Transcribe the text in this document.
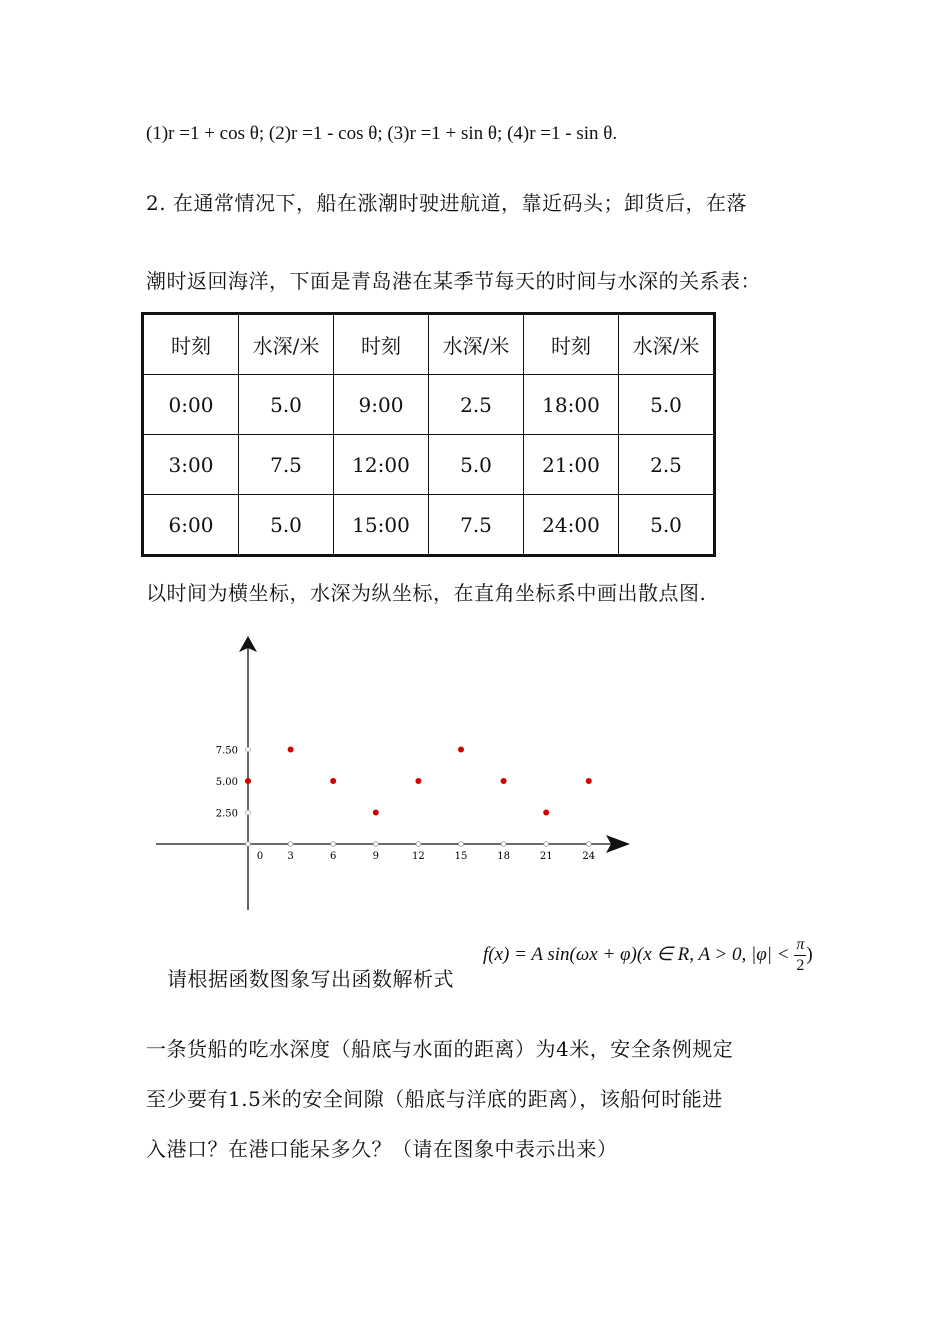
(1)r =1 + cos θ; (2)r =1 - cos θ; (3)r =1 + sin θ; (4)r =1 - sin θ.
2. 在通常情况下，船在涨潮时驶进航道，靠近码头；卸货后，在落
潮时返回海洋，下面是青岛港在某季节每天的时间与水深的关系表：
时刻	水深/米	时刻	水深/米	时刻	水深/米
0:00	5.0	9:00	2.5	18:00	5.0
3:00	7.5	12:00	5.0	21:00	2.5
6:00	5.0	15:00	7.5	24:00	5.0
以时间为横坐标，水深为纵坐标，在直角坐标系中画出散点图.
0 3	6	9	12	15	18	21	24
2.50
5.00
7.50
请根据函数图象写出函数解析式
f(x) = A sin(ωx + φ)(x ∈ R, A > 0, $|\varphi| < \frac{\pi}{2}$ )
一条货船的吃水深度（船底与水面的距离）为4米，安全条例规定
至少要有1.5米的安全间隙（船底与洋底的距离），该船何时能进
入港口？在港口能呆多久？（请在图象中表示出来）
